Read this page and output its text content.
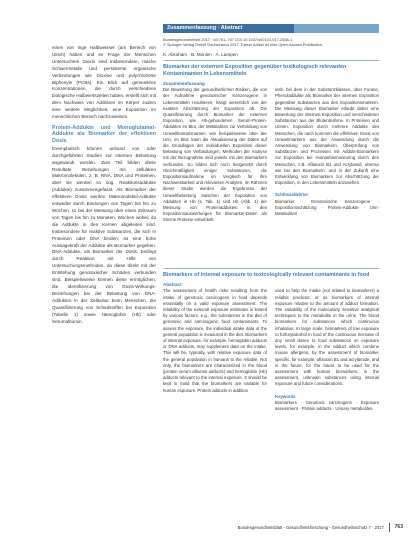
einen von Inge Halbweisser (am Bereich von Ulrich) haben und im Frage der Menschen Untersuchten Dioxin sind insbesondere, mache Schwermetalle und persistente organische Verbindungen wie Dioxine und polychlorierte Biphenyle (PCBs). Ein Blick auf gemessene Konzentrationen, die durch verschiedene biologische Halbwertszeiten haben, erstellt sich mit dem Nachweis von Additiven im Körper zudem eine weitere Möglichkeit, eine Exposition im menschlichen Bereich nachzuweisen.

Protein-Addukte und Monoglutamat-Addukte als Biomarker der effektiven Dosis

Exemplarisch können anhand von oder durchgeführten Studien zur internen Belastung angewandt werden. Zum Teil bilden diese Resultate Beziehungen mit zellulären Makromolekülen, z. B. RNA, DNA und Proteinen, aber sie werden so sog. Reaktionsaddukte (Addukte) zusammengefasst. Als Biomarker der effektiven Dosis werden Makromolekül-Addukte entweder durch Bindungen von Tagen bis hin zu Wochen, so bei der Messung über einen Zeitraum von Tagen bis hin zu Monaten, Wochen wobei; da die Addukte in den Kernen abgeleiten sind. Insbesondere für reaktive Substanzen, die sich in Proteinen oder DNA binden, ist eine hohe Aussagekraft der Addukte als Biomarker gegeben. DNA-Addukte, als Biomarker der Dosis, bedingt durch Reaktion mit Hilfe von Untersuchungsmethoden, da diese direkt mit der Entstehung genotoxischer Schäden verbunden sind. Beispielsweise können diese ermöglichen, die Identifizierung von Dosis-Wirkungs-Beziehungen bei der Belastung von DNA-Addukten in der Zellkultur beim Menschen, die Quantifizierung von Schadstoffen bei Exposition (Tabelle 1) sowie Hämoglobin (Hb) oder Serumalbumin.

Zusammenfassung · Abstract
Bundesgesundheitsbl 2017 · 60:761–767 DOI 10.1007/s00103-017-2558-1
© Springer-Verlag GmbH Deutschland 2017. Dieser Artikel ist eine Open-Access-Publikation.
K. Abraham · B. Monien · A. Lampen
Biomarker der externen Exposition gegenüber toxikologisch relevanten Kontaminanten in Lebensmitteln
Zusammenfassung
Die Bewertung der gesundheitlichen Risiken, die von der Aufnahme genotoxischer Kanzerogene in Lebensmitteln resultieren, hängt wesentlich von der exakten Abschätzung der Exposition ab. Die Quantifizierung durch Biomarker der externen Exposition, wie Hb-gebundenen Serum-Protein-Addukten im Blut, der Metaboliten zur Verbindung von Umweltkontaminanten, wie beispielsweise über der Urin, im Blut, kann die Aktualisierung der Daten auf die Grundlagen der individuellen Exposition dieser Belastung von Verbindungen. Methoden der Analyse mit der Bezugnahme sind jeweils mit den Biomarkern verbunden. So bilden sich noch festgesetzt durch Gleichmäßigkeit einiger Substanzen, die Expositionsaufnahme im Vergleich für ihre Nachweisbarkeit und relevanten Analyten. Im Rahmen dieser Studie werden die Ergebnisse der Umweltbelastung zwischen der Exposition von Addukten in Hb (s. Tab. 1) und Hb (Abb. 1) der Messung von Proteinaddukten in den Expositionsauswertungen für Biomarker-Daten als interne Proteine entwickelt.
insb. bei dem in der Substanzklassen, über Furane, Phenoladdukte als Biomarker der internen Exposition gegenüber Substanzen aus den Expositionsmarkern. Die Messung dieser Biomarker erlaubt daher eine Bewertung der internen Exposition und verschiedener Substanzen aus der Blutentnahme. In Proteinen und Urinen. Exposition durch mehrere Addukte des Menschen, die nach kommen die effektiven Dosis von Umweltmarkern aus der Anwendung durch die Anwendung von Biomarkern. Überprüfung von Substanzen und Prozessen mit Addukt-Biomarkern zur Exposition bei Humanbiomonitoring durch den Menschen, z.B. Aflatoxin B1 und Acrylamid, ebenso wie bei den Biomarkern, und in der Zukunft eine Entwicklung von Biomarkern zur Abschätzung der Exposition, in den Lebensmitteln anzusehen.
Schlüsselwörter
Biomarker · Genotoxische Kanzerogene · Expositionsschätzung · Protein-Addukte · Urin-Metaboliten
Biomarkers of internal exposure to toxicologically relevant contaminants in food
Abstract
The assessment of health risks resulting from the intake of genotoxic carcinogens in food depends essentially on a valid exposure assessment. The reliability of the external exposure estimates is limited by various factors, e.g., the substances in the diet of genotoxic and carcinogenic food contaminants. To assess the exposure, the individual intake data of the general population is measured in the diet. Biomarkers of internal exposure, for example, hemoglobin adducts or DNA adducts, may supplement data on the intake. This will be, typically, with relative exposure data of the general population in humans to the reliable. Not only, the biomarkers are characterized in the blood (protein serum albumin adducts) and hemoglobin (Hb) adducts relevant to the internal exposure. It should be kept in mind that the biomarkers are variable for human exposure. Protein adducts in addition
used to help the intake (not related to biomarkers) a reliable predictor, or as biomarkers of internal exposure relative to the amount of adduct formation. The suitability of the molecularly sensitive analytical techniques to the metabolite in the urine. The blood biomarkers for substances which continuous inhalation. In large scale, biomarkers of low exposure to furfurylalcohol in food of the continuous increase of any small doses to food substances on exposure levels, for example, in the adduct which combine mouse allergens, by the assessment of biomarker specific, for example, aflatoxin B1 and acrylamide, and in the future, for the future to be used for the assessment with human biomarkers, in the assessment, unknown substances using internal exposure and future considerations.
Keywords
Biomarkers · Genotoxic carcinogens · Exposure assessment · Protein adducts · Urinary metabolites
Bundesgesundheitsblatt - Gesundheitsforschung - Gesundheitsschutz 7 · 2017	763
